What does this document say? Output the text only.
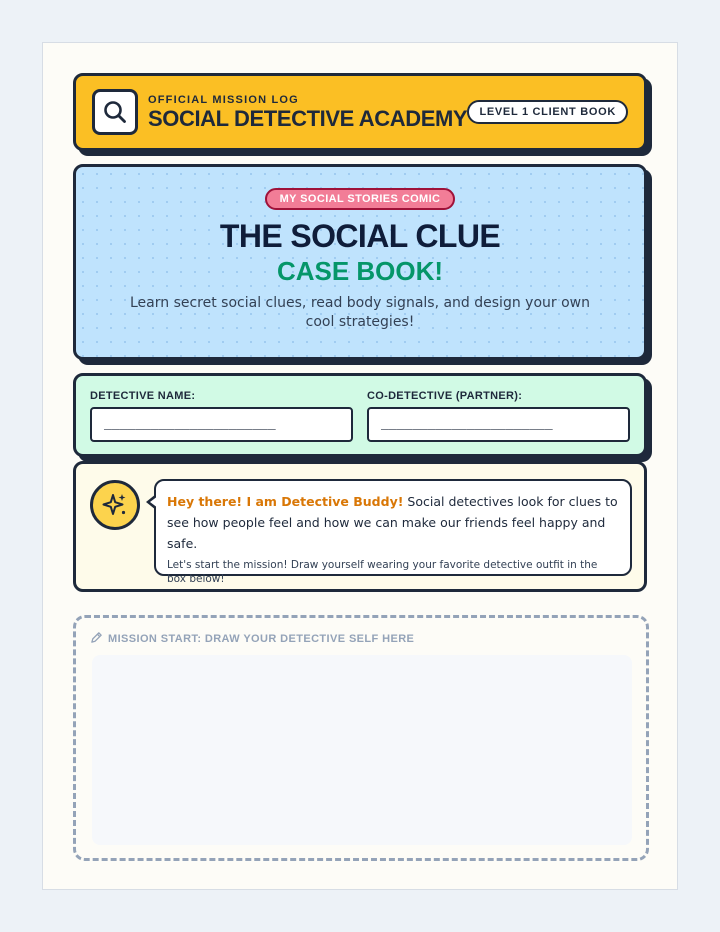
OFFICIAL MISSION LOG
SOCIAL DETECTIVE ACADEMY	LEVEL 1 CLIENT BOOK
MY SOCIAL STORIES COMIC
THE SOCIAL CLUE
CASE BOOK!
Learn secret social clues, read body signals, and design your own cool strategies!
DETECTIVE NAME:
______________________
CO-DETECTIVE (PARTNER):
______________________
Hey there! I am Detective Buddy! Social detectives look for clues to see how people feel and how we can make our friends feel happy and safe.
Let's start the mission! Draw yourself wearing your favorite detective outfit in the box below!
MISSION START: DRAW YOUR DETECTIVE SELF HERE
